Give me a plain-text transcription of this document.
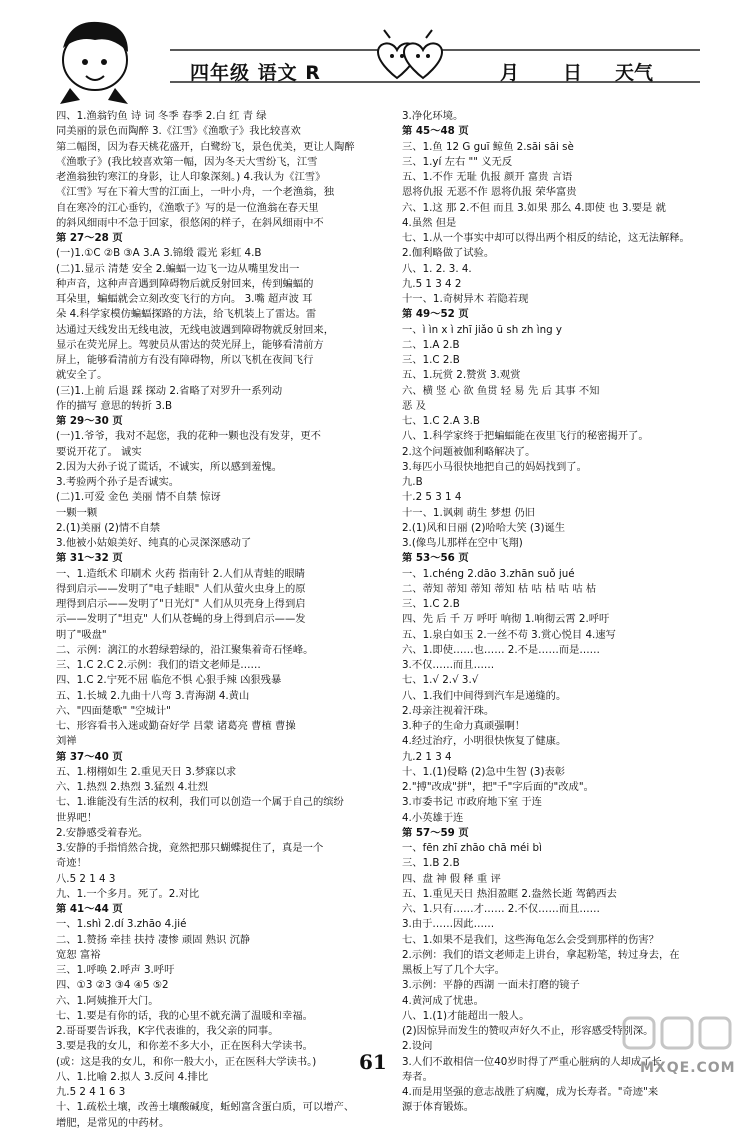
四年级 语文 R	月 日 天气
四、1.渔翁钓鱼 诗 词 冬季 春季 2.白 红 青 绿
同美丽的景色而陶醉 3.《江雪》《渔歌子》我比较喜欢
第二幅图，因为春天桃花盛开，白鹭纷飞，景色优美，更让人陶醉
《渔歌子》(我比较喜欢第一幅，因为冬天大雪纷飞，江雪
老渔翁独钓寒江的身影，让人印象深刻。) 4.我认为《江雪》
《江雪》写在下着大雪的江面上，一叶小舟，一个老渔翁，独
自在寒冷的江心垂钓，《渔歌子》写的是一位渔翁在春天里
的斜风细雨中不急于回家，很悠闲的样子，在斜风细雨中不
第 27～28 页
(一)1.①C ②B ③A 3.A 3.锦缎 霞光 彩虹 4.B
(二)1.显示 清楚 安全 2.蝙蝠一边飞一边从嘴里发出一
种声音，这种声音遇到障碍物后就反射回来，传到蝙蝠的
耳朵里，蝙蝠就会立刻改变飞行的方向。 3.嘴 超声波 耳
朵 4.科学家模仿蝙蝠探路的方法，给飞机装上了雷达。雷
达通过天线发出无线电波，无线电波遇到障碍物就反射回来，
显示在荧光屏上。驾驶员从雷达的荧光屏上，能够看清前方
屏上，能够看清前方有没有障碍物，所以飞机在夜间飞行
就安全了。
(三)1.上前 后退 踩 探动 2.省略了对罗升一系列动
作的描写 意思的转折 3.B
第 29～30 页
(一)1.爷爷，我对不起您，我的花种一颗也没有发芽，更不
要说开花了。 诚实
2.因为大孙子说了谎话，不诚实，所以感到羞愧。
3.考验两个孙子是否诚实。
(二)1.可爱 金色 美丽 情不自禁 惊讶
一颗一颗
2.(1)美丽 (2)情不自禁
3.他被小姑娘美好、纯真的心灵深深感动了
第 31～32 页
一、1.造纸术 印刷术 火药 指南针 2.人们从青蛙的眼睛
得到启示——发明了"电子蛙眼" 人们从萤火虫身上的原
理得到启示——发明了"日光灯" 人们从贝壳身上得到启
示——发明了"坦克" 人们从苍蝇的身上得到启示——发
明了"吸盘"
二、示例：漓江的水碧绿碧绿的，沿江聚集着奇石怪峰。
三、1.C 2.C 2.示例：我们的语文老师是……
四、1.C 2.宁死不屈 临危不惧 心狠手辣 凶狠残暴
五、1.长城 2.九曲十八弯 3.青海湖 4.黄山
六、"四面楚歌" "空城计"
七、形容看书入迷或勤奋好学 吕蒙 诸葛亮 曹植 曹操
刘禅
第 37～40 页
五、1.栩栩如生 2.重见天日 3.梦寐以求
六、1.热烈 2.热烈 3.猛烈 4.壮烈
七、1.谁能没有生活的权利，我们可以创造一个属于自己的缤纷
世界吧！
2.安静感受着春光。
3.安静的手指悄然合拢，竟然把那只蝴蝶捉住了，真是一个
奇迹！
八.5 2 1 4 3
九、1.一个多月。死了。2.对比
第 41～44 页
一、1.shì 2.dí 3.zhāo 4.jié
二、1.赞扬 牵挂 扶持 凄惨 顽固 熟识 沉静
宽恕 富裕
三、1.呼唤 2.呼声 3.呼吁
四、①3 ②3 ③4 ④5 ⑤2
六、1.阿姨推开大门。
七、1.要是有你的话，我的心里不就充满了温暖和幸福。
2.哥哥要告诉我，K字代表谁的，我父亲的同事。
3.要是我的女儿，和你差不多大小，正在医科大学读书。
(或：这是我的女儿，和你一般大小，正在医科大学读书。)
八、1.比喻 2.拟人 3.反问 4.排比
九.5 2 4 1 6 3
十、1.疏松土壤，改善土壤酸碱度，蚯蚓富含蛋白质，可以增产、
增肥，是常见的中药材。
3.净化环境。
第 45～48 页
三、1.鱼 12 G guī 鲸鱼 2.sāi sāi sè
三、1.yí 左右 "" 义无反
五、1.不作 无耻 仇报 颜开 富贵 言语
恩将仇报 无恶不作 恩将仇报 荣华富贵
六、1.这 那 2.不但 而且 3.如果 那么 4.即使 也 3.要是 就
4.虽然 但是
七、1.从一个事实中却可以得出两个相反的结论，这无法解释。
2.伽利略做了试验。
八、1. 2. 3. 4.
九.5 1 3 4 2
十一、1.奇树异木 若隐若现
第 49～52 页
一、ì ìn x ì zhī jiǎo ū sh zh ìng y
二、1.A 2.B
三、1.C 2.B
五、1.玩赏 2.赞赏 3.观赏
六、横 竖 心 欲 鱼贯 轻 易 先 后 其事 不知
恶 及
七、1.C 2.A 3.B
八、1.科学家终于把蝙蝠能在夜里飞行的秘密揭开了。
2.这个问题被伽利略解决了。
3.每匹小马很快地把自己的妈妈找到了。
九.B
十.2 5 3 1 4
十一、1.讽刺 萌生 梦想 仍旧
2.(1)风和日丽 (2)哈哈大笑 (3)诞生
3.(像鸟儿那样在空中飞翔)
第 53～56 页
一、1.chéng 2.dāo 3.zhān suǒ jué
二、蒂知 蒂知 蒂知 蒂知 枯 咕 枯 咕 咕 枯
三、1.C 2.B
四、先 后 千 万 呼吁 响彻 1.响彻云霄 2.呼吁
五、1.泉白如玉 2.一丝不苟 3.赏心悦目 4.速写
六、1.即使……也…… 2.不是……而是……
3.不仅……而且……
七、1.√ 2.√ 3.√
八、1.我们中间得到汽车是递缝的。
2.母亲注视着汗珠。
3.种子的生命力真顽强啊！
4.经过治疗，小明很快恢复了健康。
九.2 1 3 4
十、1.(1)侵略 (2)急中生智 (3)表彰
2."搏"改成"拼"，把"千"字后面的"改成"。
3.市委书记 市政府地下室 于连
4.小英雄于连
第 57～59 页
一、fēn zhī zhāo chā méi bì
三、1.B 2.B
四、盘 神 假 释 重 评
五、1.重见天日 热泪盈眶 2.盎然长逝 驾鹤西去
六、1.只有……才…… 2.不仅……而且……
3.由于……因此……
七、1.如果不是我们，这些海龟怎么会受到那样的伤害？
2.示例：我们的语文老师走上讲台，拿起粉笔，转过身去，在
黑板上写了几个大字。
3.示例：平静的西湖 一面未打磨的镜子
4.黄河成了忧患。
八、1.(1)才能超出一般人。
(2)因惊异而发生的赞叹声好久不止，形容感受特别深。
2.设问
3.人们不敢相信一位40岁时得了严重心脏病的人却成了长
寿者。
4.而是用坚强的意志战胜了病魔，成为长寿者。"奇迹"来
源于体育锻炼。
61	MXQE.COM
